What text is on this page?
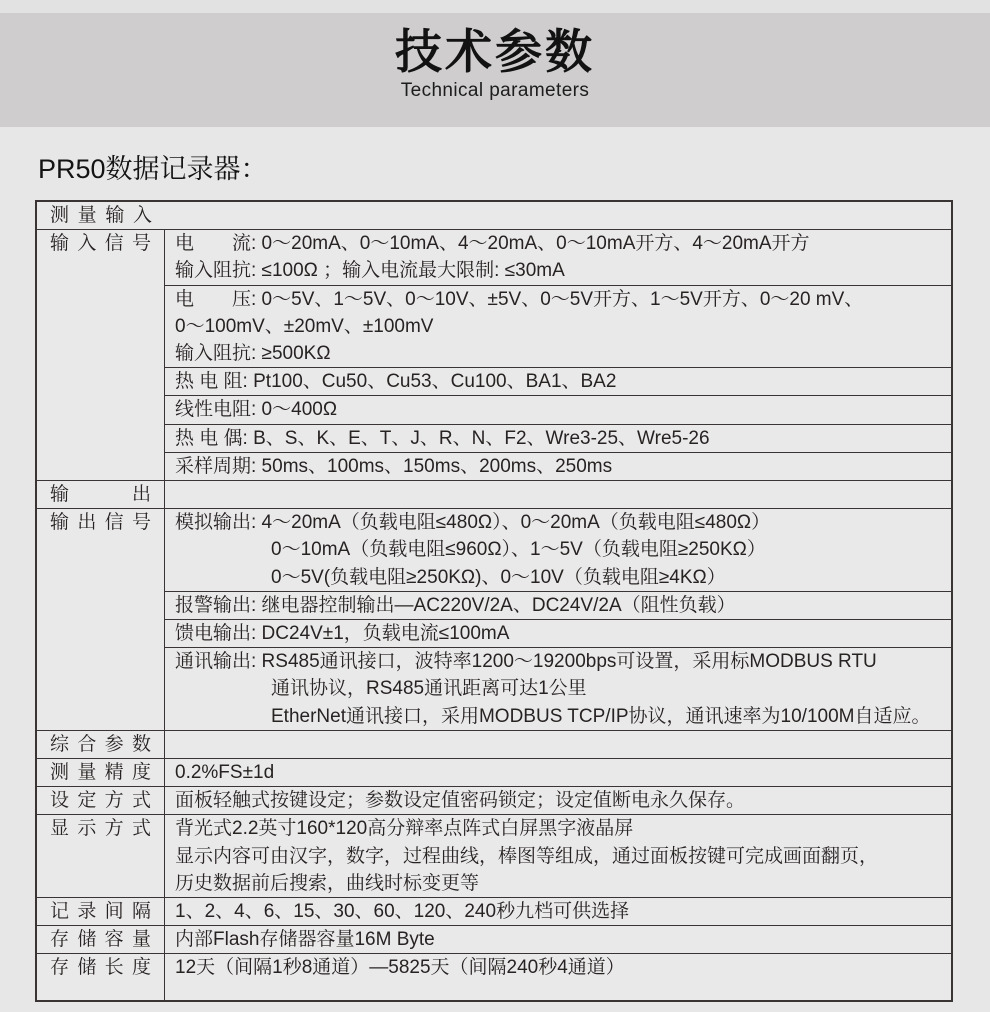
技术参数
Technical parameters
PR50数据记录器：
测量输入
输入信号	电　　流: 0～20mA、0～10mA、4～20mA、0～10mA开方、4～20mA开方
输入阻抗: ≤100Ω ；输入电流最大限制: ≤30mA
电　　压: 0～5V、1～5V、0～10V、±5V、0～5V开方、1～5V开方、0～20 mV、
0～100mV、±20mV、±100mV
输入阻抗: ≥500KΩ
热 电 阻: Pt100、Cu50、Cu53、Cu100、BA1、BA2
线性电阻: 0～400Ω
热 电 偶: B、S、K、E、T、J、R、N、F2、Wre3-25、Wre5-26
采样周期: 50ms、100ms、150ms、200ms、250ms
输出
输出信号	模拟输出: 4～20mA（负载电阻≤480Ω）、0～20mA（负载电阻≤480Ω）
0～10mA（负载电阻≤960Ω）、1～5V（负载电阻≥250KΩ）
0～5V(负载电阻≥250KΩ)、0～10V（负载电阻≥4KΩ）
报警输出: 继电器控制输出—AC220V/2A、DC24V/2A（阻性负载）
馈电输出: DC24V±1，负载电流≤100mA
通讯输出: RS485通讯接口，波特率1200～19200bps可设置，采用标MODBUS RTU
通讯协议，RS485通讯距离可达1公里
EtherNet通讯接口，采用MODBUS TCP/IP协议，通讯速率为10/100M自适应。
综合参数
测量精度	0.2%FS±1d
设定方式	面板轻触式按键设定；参数设定值密码锁定；设定值断电永久保存。
显示方式	背光式2.2英寸160*120高分辩率点阵式白屏黑字液晶屏
显示内容可由汉字，数字，过程曲线，棒图等组成，通过面板按键可完成画面翻页，
历史数据前后搜索，曲线时标变更等
记录间隔	1、2、4、6、15、30、60、120、240秒九档可供选择
存储容量	内部Flash存储器容量16M Byte
存储长度	12天（间隔1秒8通道）—5825天（间隔240秒4通道）
